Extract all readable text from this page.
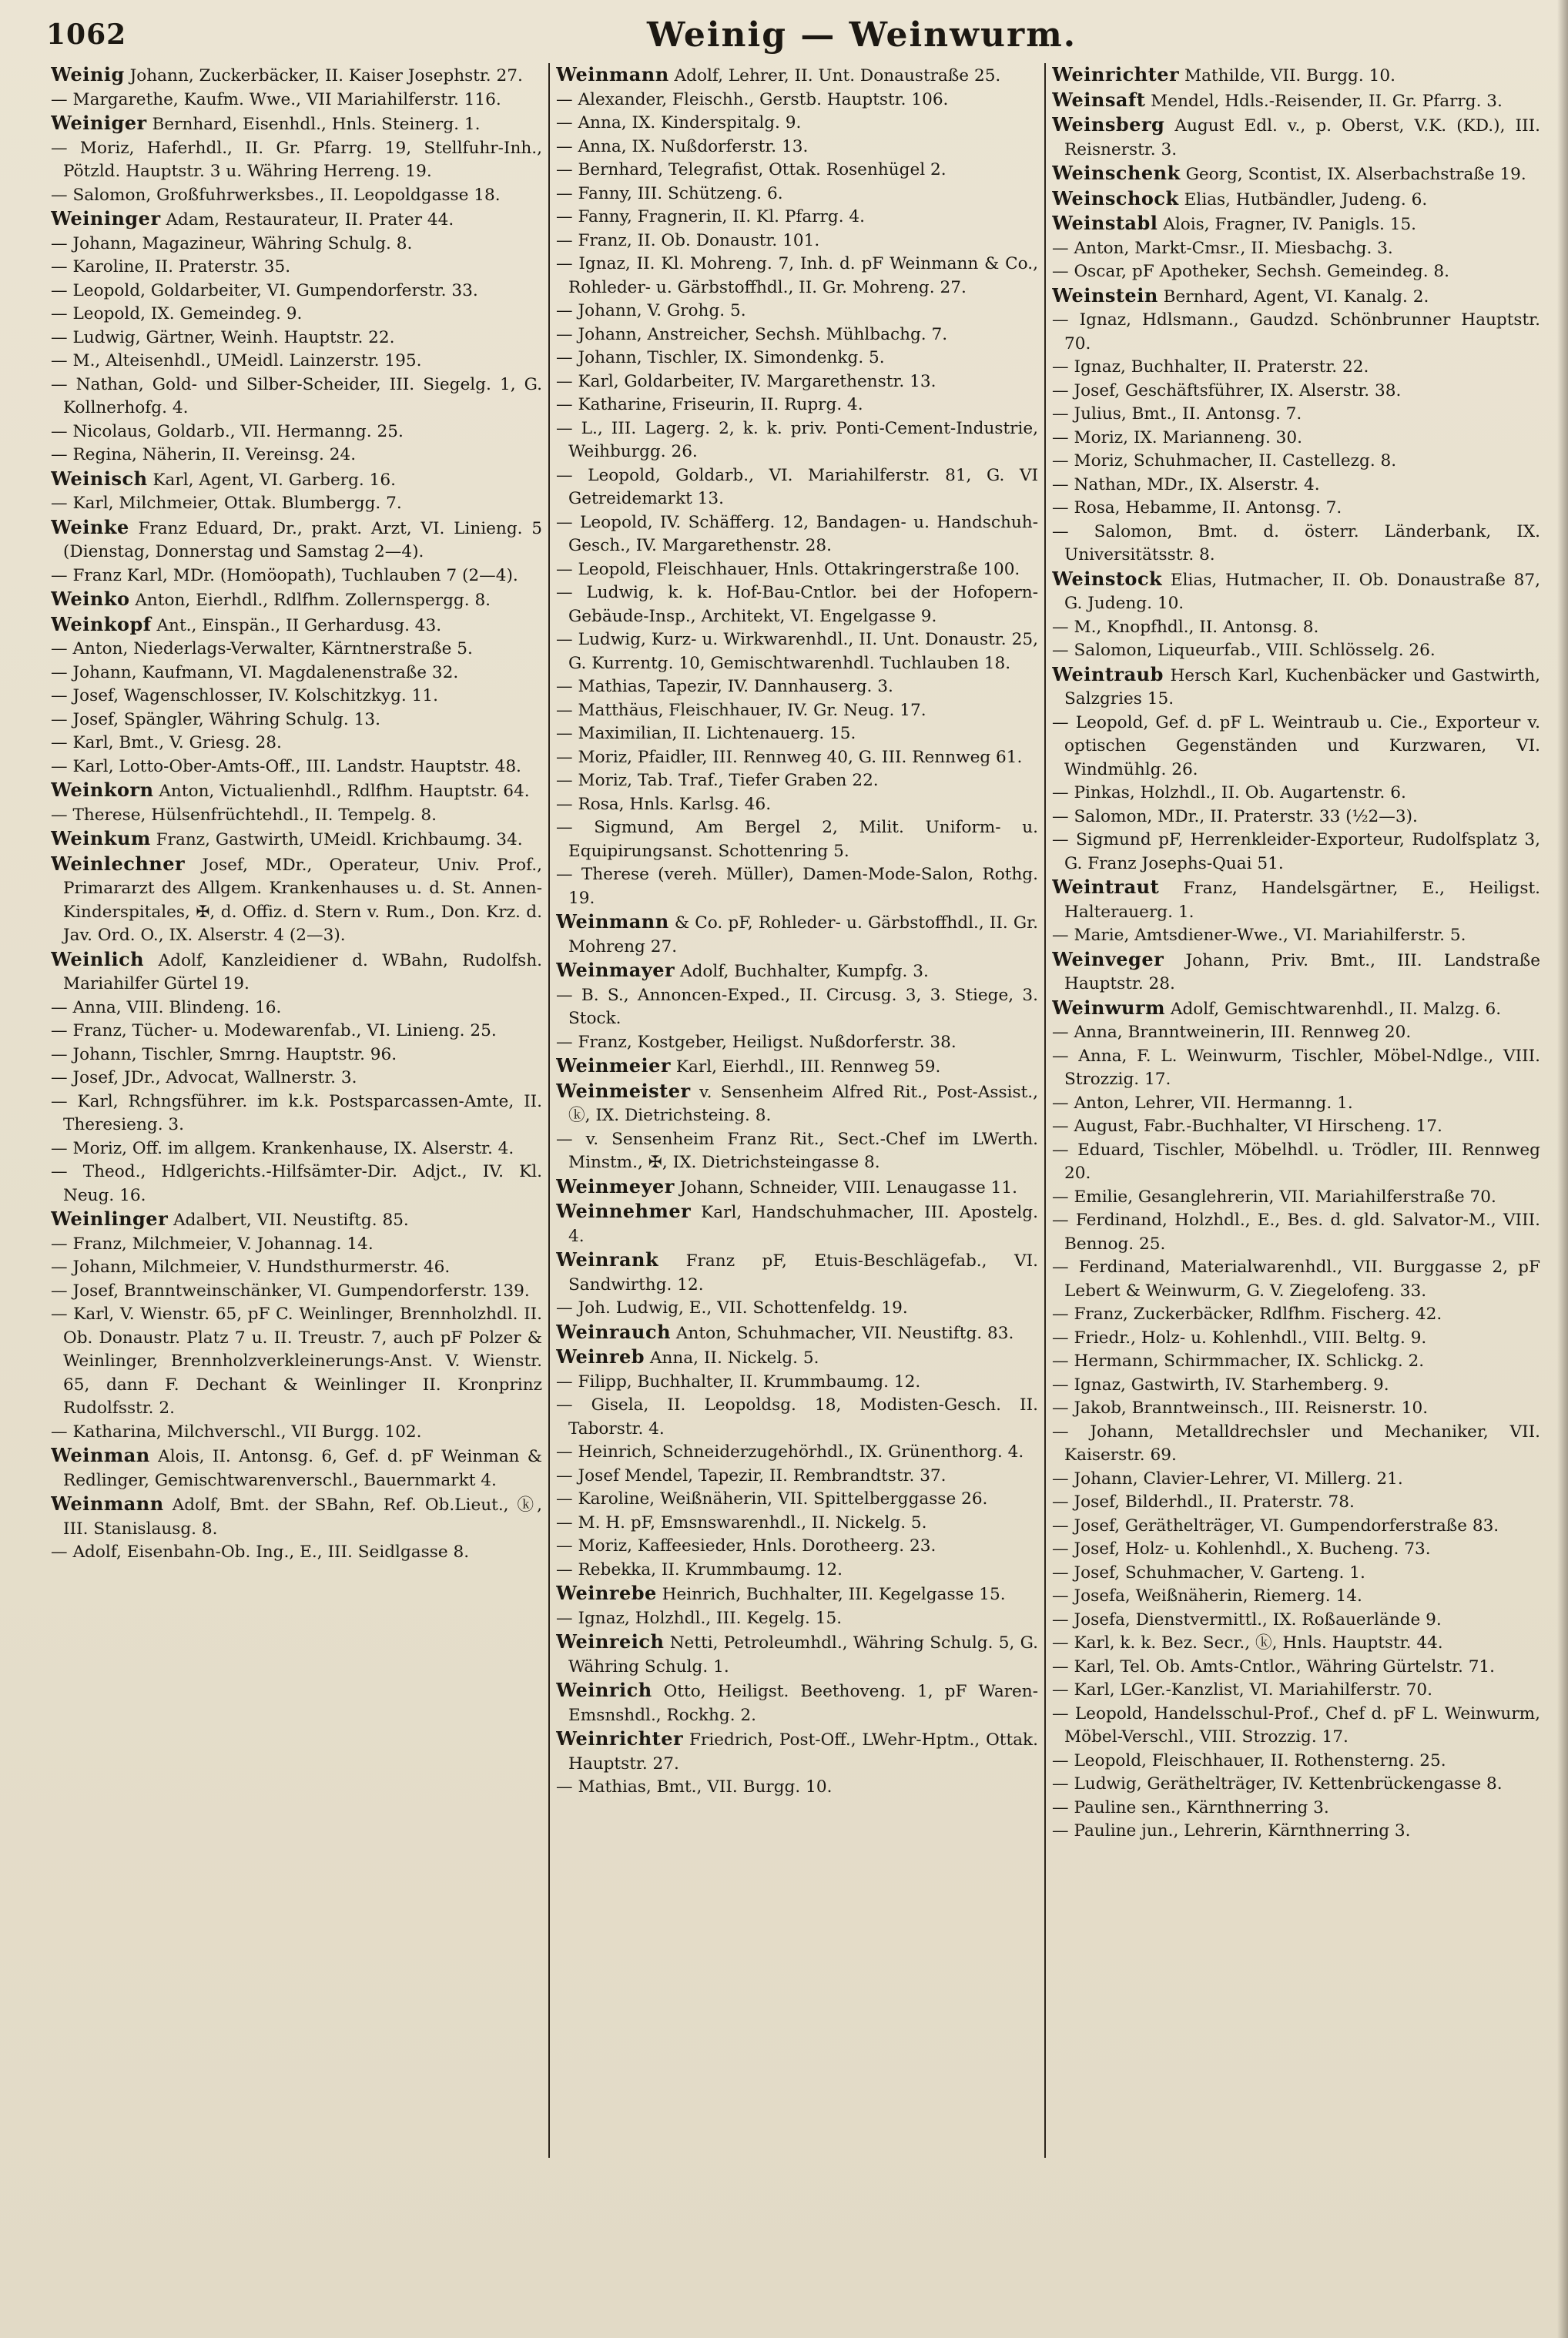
1062	Weinig — Weinwurm.

Weinig Johann, Zuckerbäcker, II. Kaiser Josephstr. 27.

— Margarethe, Kaufm. Wwe., VII Mariahilferstr. 116.

Weiniger Bernhard, Eisenhdl., Hnls. Steinerg. 1.

— Moriz, Haferhdl., II. Gr. Pfarrg. 19, Stellfuhr-Inh., Pötzld. Hauptstr. 3 u. Währing Herreng. 19.

— Salomon, Großfuhrwerksbes., II. Leopoldgasse 18.

Weininger Adam, Restaurateur, II. Prater 44.

— Johann, Magazineur, Währing Schulg. 8.

— Karoline, II. Praterstr. 35.

— Leopold, Goldarbeiter, VI. Gumpendorferstr. 33.

— Leopold, IX. Gemeindeg. 9.

— Ludwig, Gärtner, Weinh. Hauptstr. 22.

— M., Alteisenhdl., UMeidl. Lainzerstr. 195.

— Nathan, Gold- und Silber-Scheider, III. Siegelg. 1, G. Kollnerhofg. 4.

— Nicolaus, Goldarb., VII. Hermanng. 25.

— Regina, Näherin, II. Vereinsg. 24.

Weinisch Karl, Agent, VI. Garberg. 16.

— Karl, Milchmeier, Ottak. Blumbergg. 7.

Weinke Franz Eduard, Dr., prakt. Arzt, VI. Linieng. 5 (Dienstag, Donnerstag und Samstag 2—4).

— Franz Karl, MDr. (Homöopath), Tuchlauben 7 (2—4).

Weinko Anton, Eierhdl., Rdlfhm. Zollernspergg. 8.

Weinkopf Ant., Einspän., II Gerhardusg. 43.

— Anton, Niederlags-Verwalter, Kärntnerstraße 5.

— Johann, Kaufmann, VI. Magdalenenstraße 32.

— Josef, Wagenschlosser, IV. Kolschitzkyg. 11.

— Josef, Spängler, Währing Schulg. 13.

— Karl, Bmt., V. Griesg. 28.

— Karl, Lotto-Ober-Amts-Off., III. Landstr. Hauptstr. 48.

Weinkorn Anton, Victualienhdl., Rdlfhm. Hauptstr. 64.

— Therese, Hülsenfrüchtehdl., II. Tempelg. 8.

Weinkum Franz, Gastwirth, UMeidl. Krichbaumg. 34.

Weinlechner Josef, MDr., Operateur, Univ. Prof., Primararzt des Allgem. Krankenhauses u. d. St. Annen-Kinderspitales, ✠, d. Offiz. d. Stern v. Rum., Don. Krz. d. Jav. Ord. O., IX. Alserstr. 4 (2—3).

Weinlich Adolf, Kanzleidiener d. WBahn, Rudolfsh. Mariahilfer Gürtel 19.

— Anna, VIII. Blindeng. 16.

— Franz, Tücher- u. Modewarenfab., VI. Linieng. 25.

— Johann, Tischler, Smrng. Hauptstr. 96.

— Josef, JDr., Advocat, Wallnerstr. 3.

— Karl, Rchngsführer. im k.k. Postsparcassen-Amte, II. Theresieng. 3.

— Moriz, Off. im allgem. Krankenhause, IX. Alserstr. 4.

— Theod., Hdlgerichts.-Hilfsämter-Dir. Adjct., IV. Kl. Neug. 16.

Weinlinger Adalbert, VII. Neustiftg. 85.

— Franz, Milchmeier, V. Johannag. 14.

— Johann, Milchmeier, V. Hundsthurmerstr. 46.

— Josef, Branntweinschänker, VI. Gumpendorferstr. 139.

— Karl, V. Wienstr. 65, pF C. Weinlinger, Brennholzhdl. II. Ob. Donaustr. Platz 7 u. II. Treustr. 7, auch pF Polzer & Weinlinger, Brennholzverkleinerungs-Anst. V. Wienstr. 65, dann F. Dechant & Weinlinger II. Kronprinz Rudolfsstr. 2.

— Katharina, Milchverschl., VII Burgg. 102.

Weinman Alois, II. Antonsg. 6, Gef. d. pF Weinman & Redlinger, Gemischtwarenverschl., Bauernmarkt 4.

Weinmann Adolf, Bmt. der SBahn, Ref. Ob.Lieut., ⓚ, III. Stanislausg. 8.

— Adolf, Eisenbahn-Ob. Ing., E., III. Seidlgasse 8.

Weinmann Adolf, Lehrer, II. Unt. Donaustraße 25.

— Alexander, Fleischh., Gerstb. Hauptstr. 106.

— Anna, IX. Kinderspitalg. 9.

— Anna, IX. Nußdorferstr. 13.

— Bernhard, Telegrafist, Ottak. Rosenhügel 2.

— Fanny, III. Schützeng. 6.

— Fanny, Fragnerin, II. Kl. Pfarrg. 4.

— Franz, II. Ob. Donaustr. 101.

— Ignaz, II. Kl. Mohreng. 7, Inh. d. pF Weinmann & Co., Rohleder- u. Gärbstoffhdl., II. Gr. Mohreng. 27.

— Johann, V. Grohg. 5.

— Johann, Anstreicher, Sechsh. Mühlbachg. 7.

— Johann, Tischler, IX. Simondenkg. 5.

— Karl, Goldarbeiter, IV. Margarethenstr. 13.

— Katharine, Friseurin, II. Ruprg. 4.

— L., III. Lagerg. 2, k. k. priv. Ponti-Cement-Industrie, Weihburgg. 26.

— Leopold, Goldarb., VI. Mariahilferstr. 81, G. VI Getreidemarkt 13.

— Leopold, IV. Schäfferg. 12, Bandagen- u. Handschuh-Gesch., IV. Margarethenstr. 28.

— Leopold, Fleischhauer, Hnls. Ottakringerstraße 100.

— Ludwig, k. k. Hof-Bau-Cntlor. bei der Hofopern-Gebäude-Insp., Architekt, VI. Engelgasse 9.

— Ludwig, Kurz- u. Wirkwarenhdl., II. Unt. Donaustr. 25, G. Kurrentg. 10, Gemischtwarenhdl. Tuchlauben 18.

— Mathias, Tapezir, IV. Dannhauserg. 3.

— Matthäus, Fleischhauer, IV. Gr. Neug. 17.

— Maximilian, II. Lichtenauerg. 15.

— Moriz, Pfaidler, III. Rennweg 40, G. III. Rennweg 61.

— Moriz, Tab. Traf., Tiefer Graben 22.

— Rosa, Hnls. Karlsg. 46.

— Sigmund, Am Bergel 2, Milit. Uniform- u. Equipirungsanst. Schottenring 5.

— Therese (vereh. Müller), Damen-Mode-Salon, Rothg. 19.

Weinmann & Co. pF, Rohleder- u. Gärbstoffhdl., II. Gr. Mohreng 27.

Weinmayer Adolf, Buchhalter, Kumpfg. 3.

— B. S., Annoncen-Exped., II. Circusg. 3, 3. Stiege, 3. Stock.

— Franz, Kostgeber, Heiligst. Nußdorferstr. 38.

Weinmeier Karl, Eierhdl., III. Rennweg 59.

Weinmeister v. Sensenheim Alfred Rit., Post-Assist., ⓚ, IX. Dietrichsteing. 8.

— v. Sensenheim Franz Rit., Sect.-Chef im LWerth. Minstm., ✠, IX. Dietrichsteingasse 8.

Weinmeyer Johann, Schneider, VIII. Lenaugasse 11.

Weinnehmer Karl, Handschuhmacher, III. Apostelg. 4.

Weinrank Franz pF, Etuis-Beschlägefab., VI. Sandwirthg. 12.

— Joh. Ludwig, E., VII. Schottenfeldg. 19.

Weinrauch Anton, Schuhmacher, VII. Neustiftg. 83.

Weinreb Anna, II. Nickelg. 5.

— Filipp, Buchhalter, II. Krummbaumg. 12.

— Gisela, II. Leopoldsg. 18, Modisten-Gesch. II. Taborstr. 4.

— Heinrich, Schneiderzugehörhdl., IX. Grünenthorg. 4.

— Josef Mendel, Tapezir, II. Rembrandtstr. 37.

— Karoline, Weißnäherin, VII. Spittelberggasse 26.

— M. H. pF, Emsnswarenhdl., II. Nickelg. 5.

— Moriz, Kaffeesieder, Hnls. Dorotheerg. 23.

— Rebekka, II. Krummbaumg. 12.

Weinrebe Heinrich, Buchhalter, III. Kegelgasse 15.

— Ignaz, Holzhdl., III. Kegelg. 15.

Weinreich Netti, Petroleumhdl., Währing Schulg. 5, G. Währing Schulg. 1.

Weinrich Otto, Heiligst. Beethoveng. 1, pF Waren-Emsnshdl., Rockhg. 2.

Weinrichter Friedrich, Post-Off., LWehr-Hptm., Ottak. Hauptstr. 27.

— Mathias, Bmt., VII. Burgg. 10.

Weinrichter Mathilde, VII. Burgg. 10.

Weinsaft Mendel, Hdls.-Reisender, II. Gr. Pfarrg. 3.

Weinsberg August Edl. v., p. Oberst, V.K. (KD.), III. Reisnerstr. 3.

Weinschenk Georg, Scontist, IX. Alserbachstraße 19.

Weinschock Elias, Hutbändler, Judeng. 6.

Weinstabl Alois, Fragner, IV. Panigls. 15.

— Anton, Markt-Cmsr., II. Miesbachg. 3.

— Oscar, pF Apotheker, Sechsh. Gemeindeg. 8.

Weinstein Bernhard, Agent, VI. Kanalg. 2.

— Ignaz, Hdlsmann., Gaudzd. Schönbrunner Hauptstr. 70.

— Ignaz, Buchhalter, II. Praterstr. 22.

— Josef, Geschäftsführer, IX. Alserstr. 38.

— Julius, Bmt., II. Antonsg. 7.

— Moriz, IX. Mariannеng. 30.

— Moriz, Schuhmacher, II. Castellezg. 8.

— Nathan, MDr., IX. Alserstr. 4.

— Rosa, Hebamme, II. Antonsg. 7.

— Salomon, Bmt. d. österr. Länderbank, IX. Universitätsstr. 8.

Weinstock Elias, Hutmacher, II. Ob. Donaustraße 87, G. Judeng. 10.

— M., Knopfhdl., II. Antonsg. 8.

— Salomon, Liqueurfab., VIII. Schlösselg. 26.

Weintraub Hersch Karl, Kuchenbäcker und Gastwirth, Salzgries 15.

— Leopold, Gef. d. pF L. Weintraub u. Cie., Exporteur v. optischen Gegenständen und Kurzwaren, VI. Windmühlg. 26.

— Pinkas, Holzhdl., II. Ob. Augartenstr. 6.

— Salomon, MDr., II. Praterstr. 33 (½2—3).

— Sigmund pF, Herrenkleider-Exporteur, Rudolfsplatz 3, G. Franz Josephs-Quai 51.

Weintraut Franz, Handelsgärtner, E., Heiligst. Halterauerg. 1.

— Marie, Amtsdiener-Wwe., VI. Mariahilferstr. 5.

Weinveger Johann, Priv. Bmt., III. Landstraße Hauptstr. 28.

Weinwurm Adolf, Gemischtwarenhdl., II. Malzg. 6.

— Anna, Branntweinerin, III. Rennweg 20.

— Anna, F. L. Weinwurm, Tischler, Möbel-Ndlge., VIII. Strozzig. 17.

— Anton, Lehrer, VII. Hermanng. 1.

— August, Fabr.-Buchhalter, VI Hirscheng. 17.

— Eduard, Tischler, Möbelhdl. u. Trödler, III. Rennweg 20.

— Emilie, Gesanglehrerin, VII. Mariahilferstraße 70.

— Ferdinand, Holzhdl., E., Bes. d. gld. Salvator-M., VIII. Bennog. 25.

— Ferdinand, Materialwarenhdl., VII. Burggasse 2, pF Lebert & Weinwurm, G. V. Ziegelofeng. 33.

— Franz, Zuckerbäcker, Rdlfhm. Fischerg. 42.

— Friedr., Holz- u. Kohlenhdl., VIII. Beltg. 9.

— Hermann, Schirmmacher, IX. Schlickg. 2.

— Ignaz, Gastwirth, IV. Starhemberg. 9.

— Jakob, Branntweinsch., III. Reisnerstr. 10.

— Johann, Metalldrechsler und Mechaniker, VII. Kaiserstr. 69.

— Johann, Clavier-Lehrer, VI. Millerg. 21.

— Josef, Bilderhdl., II. Praterstr. 78.

— Josef, Geräthelträger, VI. Gumpendorferstraße 83.

— Josef, Holz- u. Kohlenhdl., X. Bucheng. 73.

— Josef, Schuhmacher, V. Garteng. 1.

— Josefa, Weißnäherin, Riemerg. 14.

— Josefa, Dienstvermittl., IX. Roßauerlände 9.

— Karl, k. k. Bez. Secr., ⓚ, Hnls. Hauptstr. 44.

— Karl, Tel. Ob. Amts-Cntlor., Währing Gürtelstr. 71.

— Karl, LGer.-Kanzlist, VI. Mariahilferstr. 70.

— Leopold, Handelsschul-Prof., Chef d. pF L. Weinwurm, Möbel-Verschl., VIII. Strozzig. 17.

— Leopold, Fleischhauer, II. Rothensterng. 25.

— Ludwig, Geräthelträger, IV. Kettenbrückengasse 8.

— Pauline sen., Kärnthnerring 3.

— Pauline jun., Lehrerin, Kärnthnerring 3.
